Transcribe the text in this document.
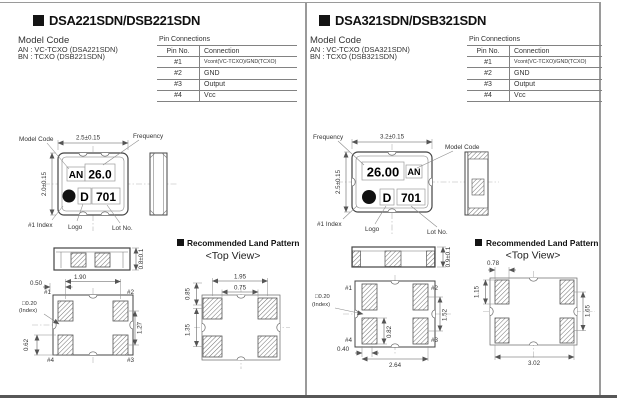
DSA221SDN/DSB221SDN
Model Code
AN : VC-TCXO (DSA221SDN)
BN : TCXO (DSB221SDN)
Pin Connections
Pin No.	Connection
#1	Vcont(VC-TCXO)/GND(TCXO)
#2	GND
#3	Output
#4	Vcc
AN 26.0
D 701
2.5±0.15
2.0±0.15
Model Code	Frequency
#1 Index Logo	Lot No.
0.8±0.1
#1	#2
#4	#3
1.90
0.50
□0.20
(Index)
0.62
1.27
Recommended Land Pattern
<Top View>
1.95
0.75
0.85
1.35
DSA321SDN/DSB321SDN
Model Code
AN : VC-TCXO (DSA321SDN)
BN : TCXO (DSB321SDN)
Pin Connections
Pin No.	Connection
#1	Vcont(VC-TCXO)/GND(TCXO)
#2	GND
#3	Output
#4	Vcc
26.00 AN
D 701
3.2±0.15
2.5±0.15
Frequency
Model Code
#1 Index
Logo	Lot No.
0.9±0.1
#1	#2
#4	#3
□0.20
(Index)
0.82
1.52
0.40
2.64
Recommended Land Pattern
<Top View>
0.78
1.15
1.65
3.02
